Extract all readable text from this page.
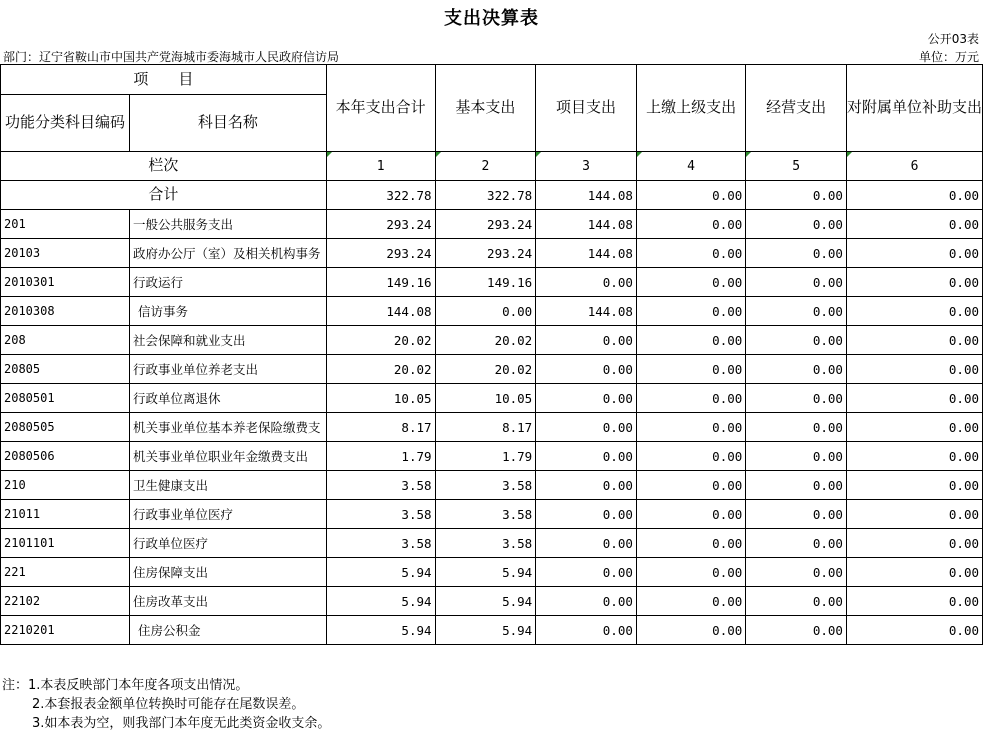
支出决算表
公开03表
部门：辽宁省鞍山市中国共产党海城市委海城市人民政府信访局	单位：万元
项　　目		本年支出合计	基本支出	项目支出	上缴上级支出	经营支出	对附属单位补助支出
功能分类科目编码	科目名称						
栏次		1	2	3	4	5	6
合计		322.78	322.78	144.08	0.00	0.00	0.00
201	一般公共服务支出	293.24	293.24	144.08	0.00	0.00	0.00
20103	政府办公厅（室）及相关机构事务	293.24	293.24	144.08	0.00	0.00	0.00
2010301	行政运行	149.16	149.16	0.00	0.00	0.00	0.00
2010308	信访事务	144.08	0.00	144.08	0.00	0.00	0.00
208	社会保障和就业支出	20.02	20.02	0.00	0.00	0.00	0.00
20805	行政事业单位养老支出	20.02	20.02	0.00	0.00	0.00	0.00
2080501	行政单位离退休	10.05	10.05	0.00	0.00	0.00	0.00
2080505	机关事业单位基本养老保险缴费支	8.17	8.17	0.00	0.00	0.00	0.00
2080506	机关事业单位职业年金缴费支出	1.79	1.79	0.00	0.00	0.00	0.00
210	卫生健康支出	3.58	3.58	0.00	0.00	0.00	0.00
21011	行政事业单位医疗	3.58	3.58	0.00	0.00	0.00	0.00
2101101	行政单位医疗	3.58	3.58	0.00	0.00	0.00	0.00
221	住房保障支出	5.94	5.94	0.00	0.00	0.00	0.00
22102	住房改革支出	5.94	5.94	0.00	0.00	0.00	0.00
2210201	住房公积金	5.94	5.94	0.00	0.00	0.00	0.00
注：1.本表反映部门本年度各项支出情况。
2.本套报表金额单位转换时可能存在尾数误差。
3.如本表为空，则我部门本年度无此类资金收支余。
